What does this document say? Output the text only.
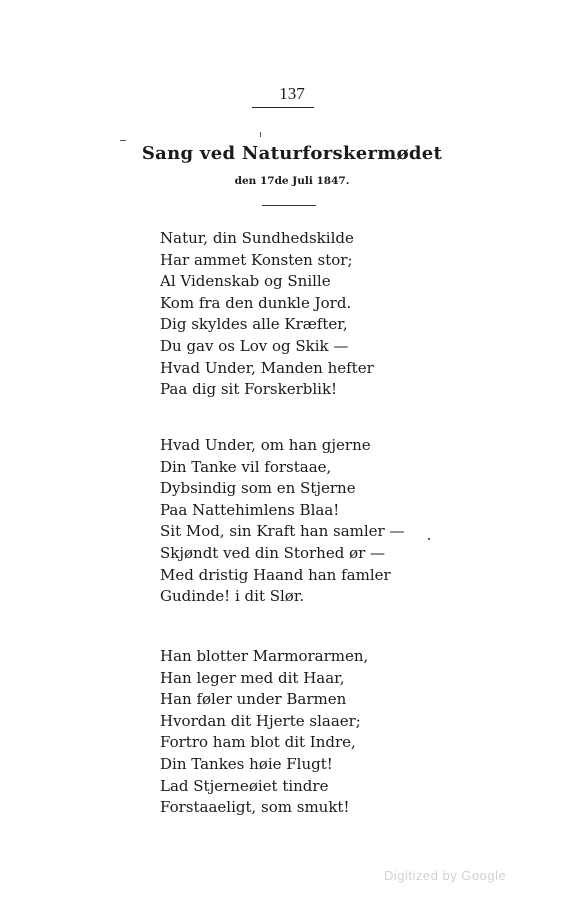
137
Sang ved Naturforskermødet
den 17de Juli 1847.
Natur, din Sundhedskilde
Har ammet Konsten stor;
Al Videnskab og Snille
Kom fra den dunkle Jord.
Dig skyldes alle Kræfter,
Du gav os Lov og Skik —
Hvad Under, Manden hefter
Paa dig sit Forskerblik!
Hvad Under, om han gjerne
Din Tanke vil forstaae,
Dybsindig som en Stjerne
Paa Nattehimlens Blaa!
Sit Mod, sin Kraft han samler —
Skjøndt ved din Storhed ør —
Med dristig Haand han famler
Gudinde! i dit Slør.
Han blotter Marmorarmen,
Han leger med dit Haar,
Han føler under Barmen
Hvordan dit Hjerte slaaer;
Fortro ham blot dit Indre,
Din Tankes høie Flugt!
Lad Stjerneøiet tindre
Forstaaeligt, som smukt!
Digitized by Google
